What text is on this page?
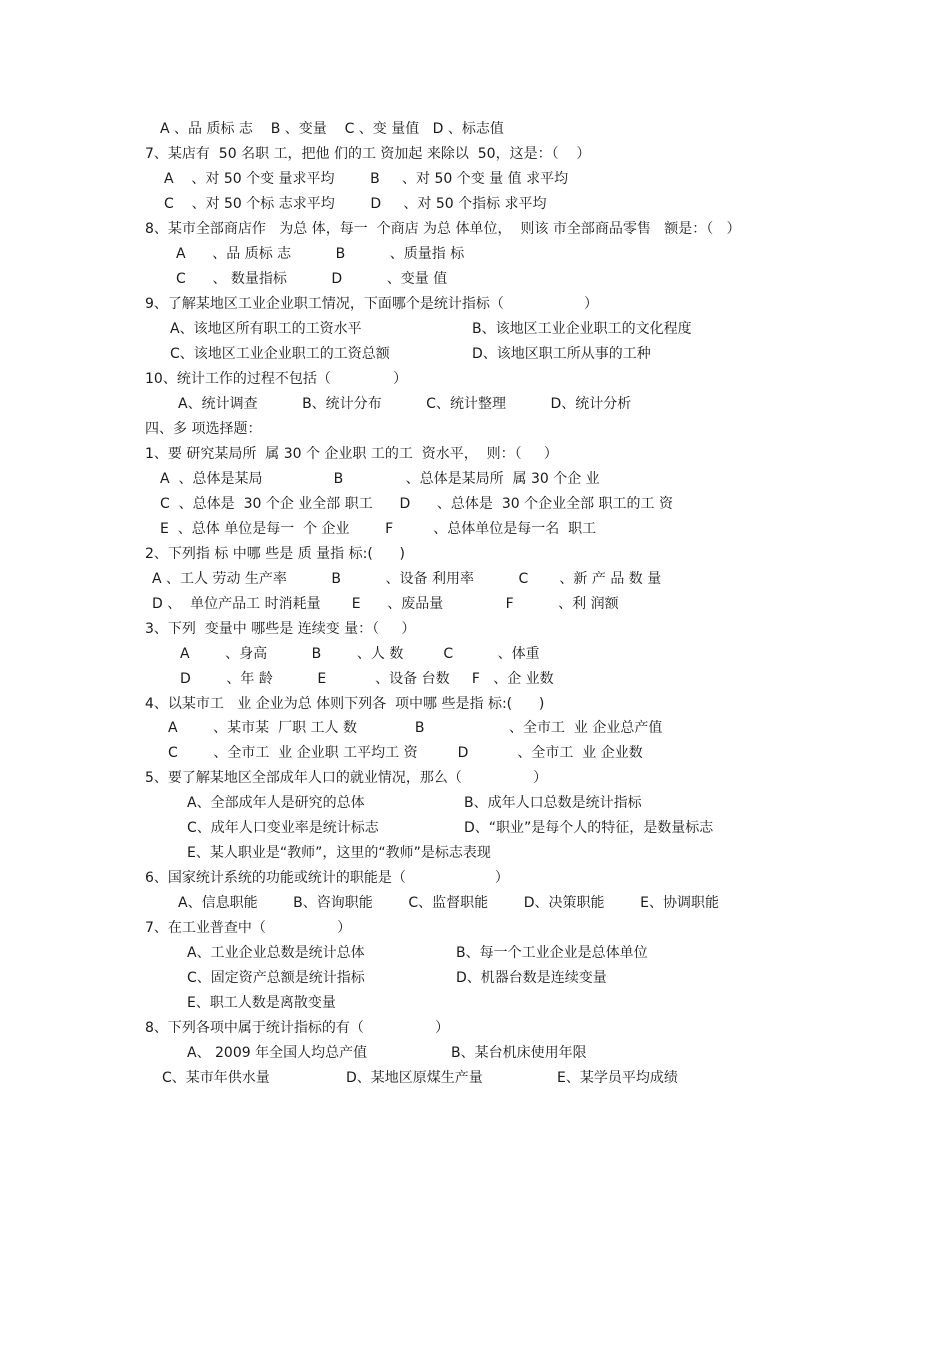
A 、品 质标 志    B 、变量    C 、变 量值   D 、标志值
7、某店有  50 名职 工，把他 们的工 资加起 来除以  50，这是：（    ）
A    、对 50 个变 量求平均        B     、对 50 个变 量 值 求平均
C    、对 50 个标 志求平均        D     、对 50 个指标 求平均
8、某市全部商店作   为总 体，每一  个商店 为总 体单位，  则该 市全部商品零售   额是：（   ）
A      、品 质标 志          B          、质量指 标
C      、 数量指标          D          、变量 值
9、了解某地区工业企业职工情况，下面哪个是统计指标（                  ）
A、该地区所有职工的工资水平	B、该地区工业企业职工的文化程度
C、该地区工业企业职工的工资总额	D、该地区职工所从事的工种
10、统计工作的过程不包括（              ）
A、统计调查          B、统计分布          C、统计整理          D、统计分析
四、多 项选择题：
1、要 研究某局所  属 30 个 企业职 工的工  资水平，  则：（     ）
A  、总体是某局                B              、总体是某局所  属 30 个企 业
C  、总体是  30 个企 业全部 职工      D      、总体是  30 个企业全部 职工的工 资
E  、总体 单位是每一  个 企业        F         、总体单位是每一名  职工
2、下列指 标 中哪 些是 质 量指 标:(      )
A 、工人 劳动 生产率          B          、设备 利用率          C       、新 产 品 数 量
D 、  单位产品工 时消耗量       E      、废品量              F          、利 润额
3、下列  变量中 哪些是 连续变 量：（     ）
A        、身高          B        、人 数         C          、体重
D        、年 龄          E           、设备 台数     F   、企 业数
4、以某市工   业 企业为总 体则下列各  项中哪 些是指 标:(      )
A        、某市某  厂职 工人 数             B                   、全市工  业 企业总产值
C        、全市工  业 企业职 工平均工 资         D           、全市工  业 企业数
5、要了解某地区全部成年人口的就业情况，那么（                ）
A、全部成年人是研究的总体	B、成年人口总数是统计指标
C、成年人口变业率是统计标志	D、“职业”是每个人的特征，是数量标志
E、某人职业是“教师”，这里的“教师”是标志表现
6、国家统计系统的功能或统计的职能是（                    ）
A、信息职能        B、咨询职能        C、监督职能        D、决策职能        E、协调职能
7、在工业普查中（                ）
A、工业企业总数是统计总体	B、每一个工业企业是总体单位
C、固定资产总额是统计指标	D、机器台数是连续变量
E、职工人数是离散变量
8、下列各项中属于统计指标的有（                ）
A、 2009 年全国人均总产值	B、某台机床使用年限
C、某市年供水量	D、某地区原煤生产量	E、某学员平均成绩
